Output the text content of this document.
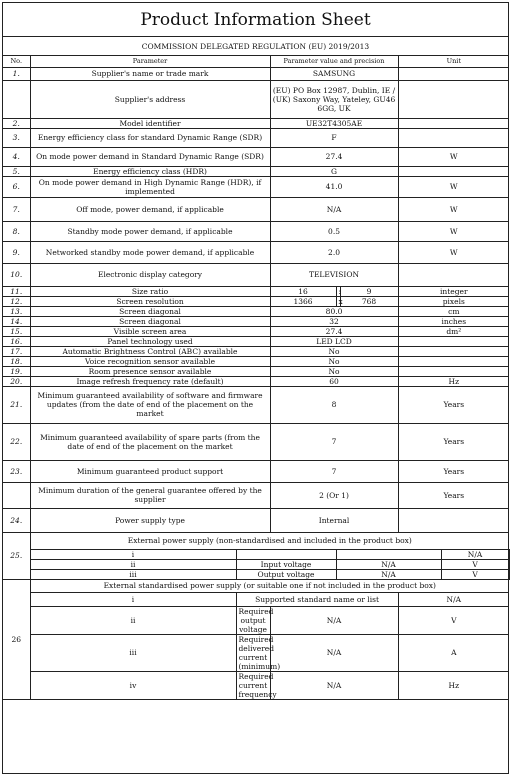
Product Information Sheet
COMMISSION DELEGATED REGULATION (EU) 2019/2013
No.	Parameter		Parameter value and precision			Unit		
1.	Supplier's name or trade mark		SAMSUNG					
	Supplier's address		(EU) PO Box 12987, Dublin, IE / (UK) Saxony Way, Yateley, GU46 6GG, UK					
2.	Model identifier		UE32T4305AE					
3.	Energy efficiency class for standard Dynamic Range (SDR)		F					
4.	On mode power demand in Standard Dynamic Range (SDR)		27.4			W		
5.	Energy efficiency class (HDR)		G					
6.	On mode power demand in High Dynamic Range (HDR), if implemented		41.0			W		
7.	Off mode, power demand, if applicable		N/A			W		
8.	Standby mode power demand, if applicable		0.5			W		
9.	Networked standby mode power demand, if applicable		2.0			W		
10.	Electronic display category		TELEVISION					
11.	Size ratio		16	:	9	integer		
12.	Screen resolution		1366	x	768	pixels		
13.	Screen diagonal		80.0			cm		
14.	Screen diagonal		32			inches		
15.	Visible screen area		27.4			dm²		
16.	Panel technology used		LED LCD					
17.	Automatic Brightness Control (ABC) available		No					
18.	Voice recognition sensor available		No					
19.	Room presence sensor available		No					
20.	Image refresh frequency rate (default)		60			Hz		
21.	Minimum guaranteed availability of software and firmware updates (from the date of end of the placement on the market		8			Years		
22.	Minimum guaranteed availability of spare parts (from the date of end of the placement on the market		7			Years		
23.	Minimum guaranteed product support		7			Years		
	Minimum duration of the general guarantee offered by the supplier		2 (Or 1)			Years		
24.	Power supply type		Internal					
25.	External power supply (non-standardised and included in the product box)							
	i						N/A	
	ii	Input voltage		N/A			V	
	iii	Output voltage		N/A			V	
26	External standardised power supply (or suitable one if not included in the product box)							
	i	Supported standard name or list				N/A		
	ii	Required output voltage	N/A			V		
	iii	Required delivered current (minimum)	N/A			A		
	iv	Required current frequency	N/A			Hz		
